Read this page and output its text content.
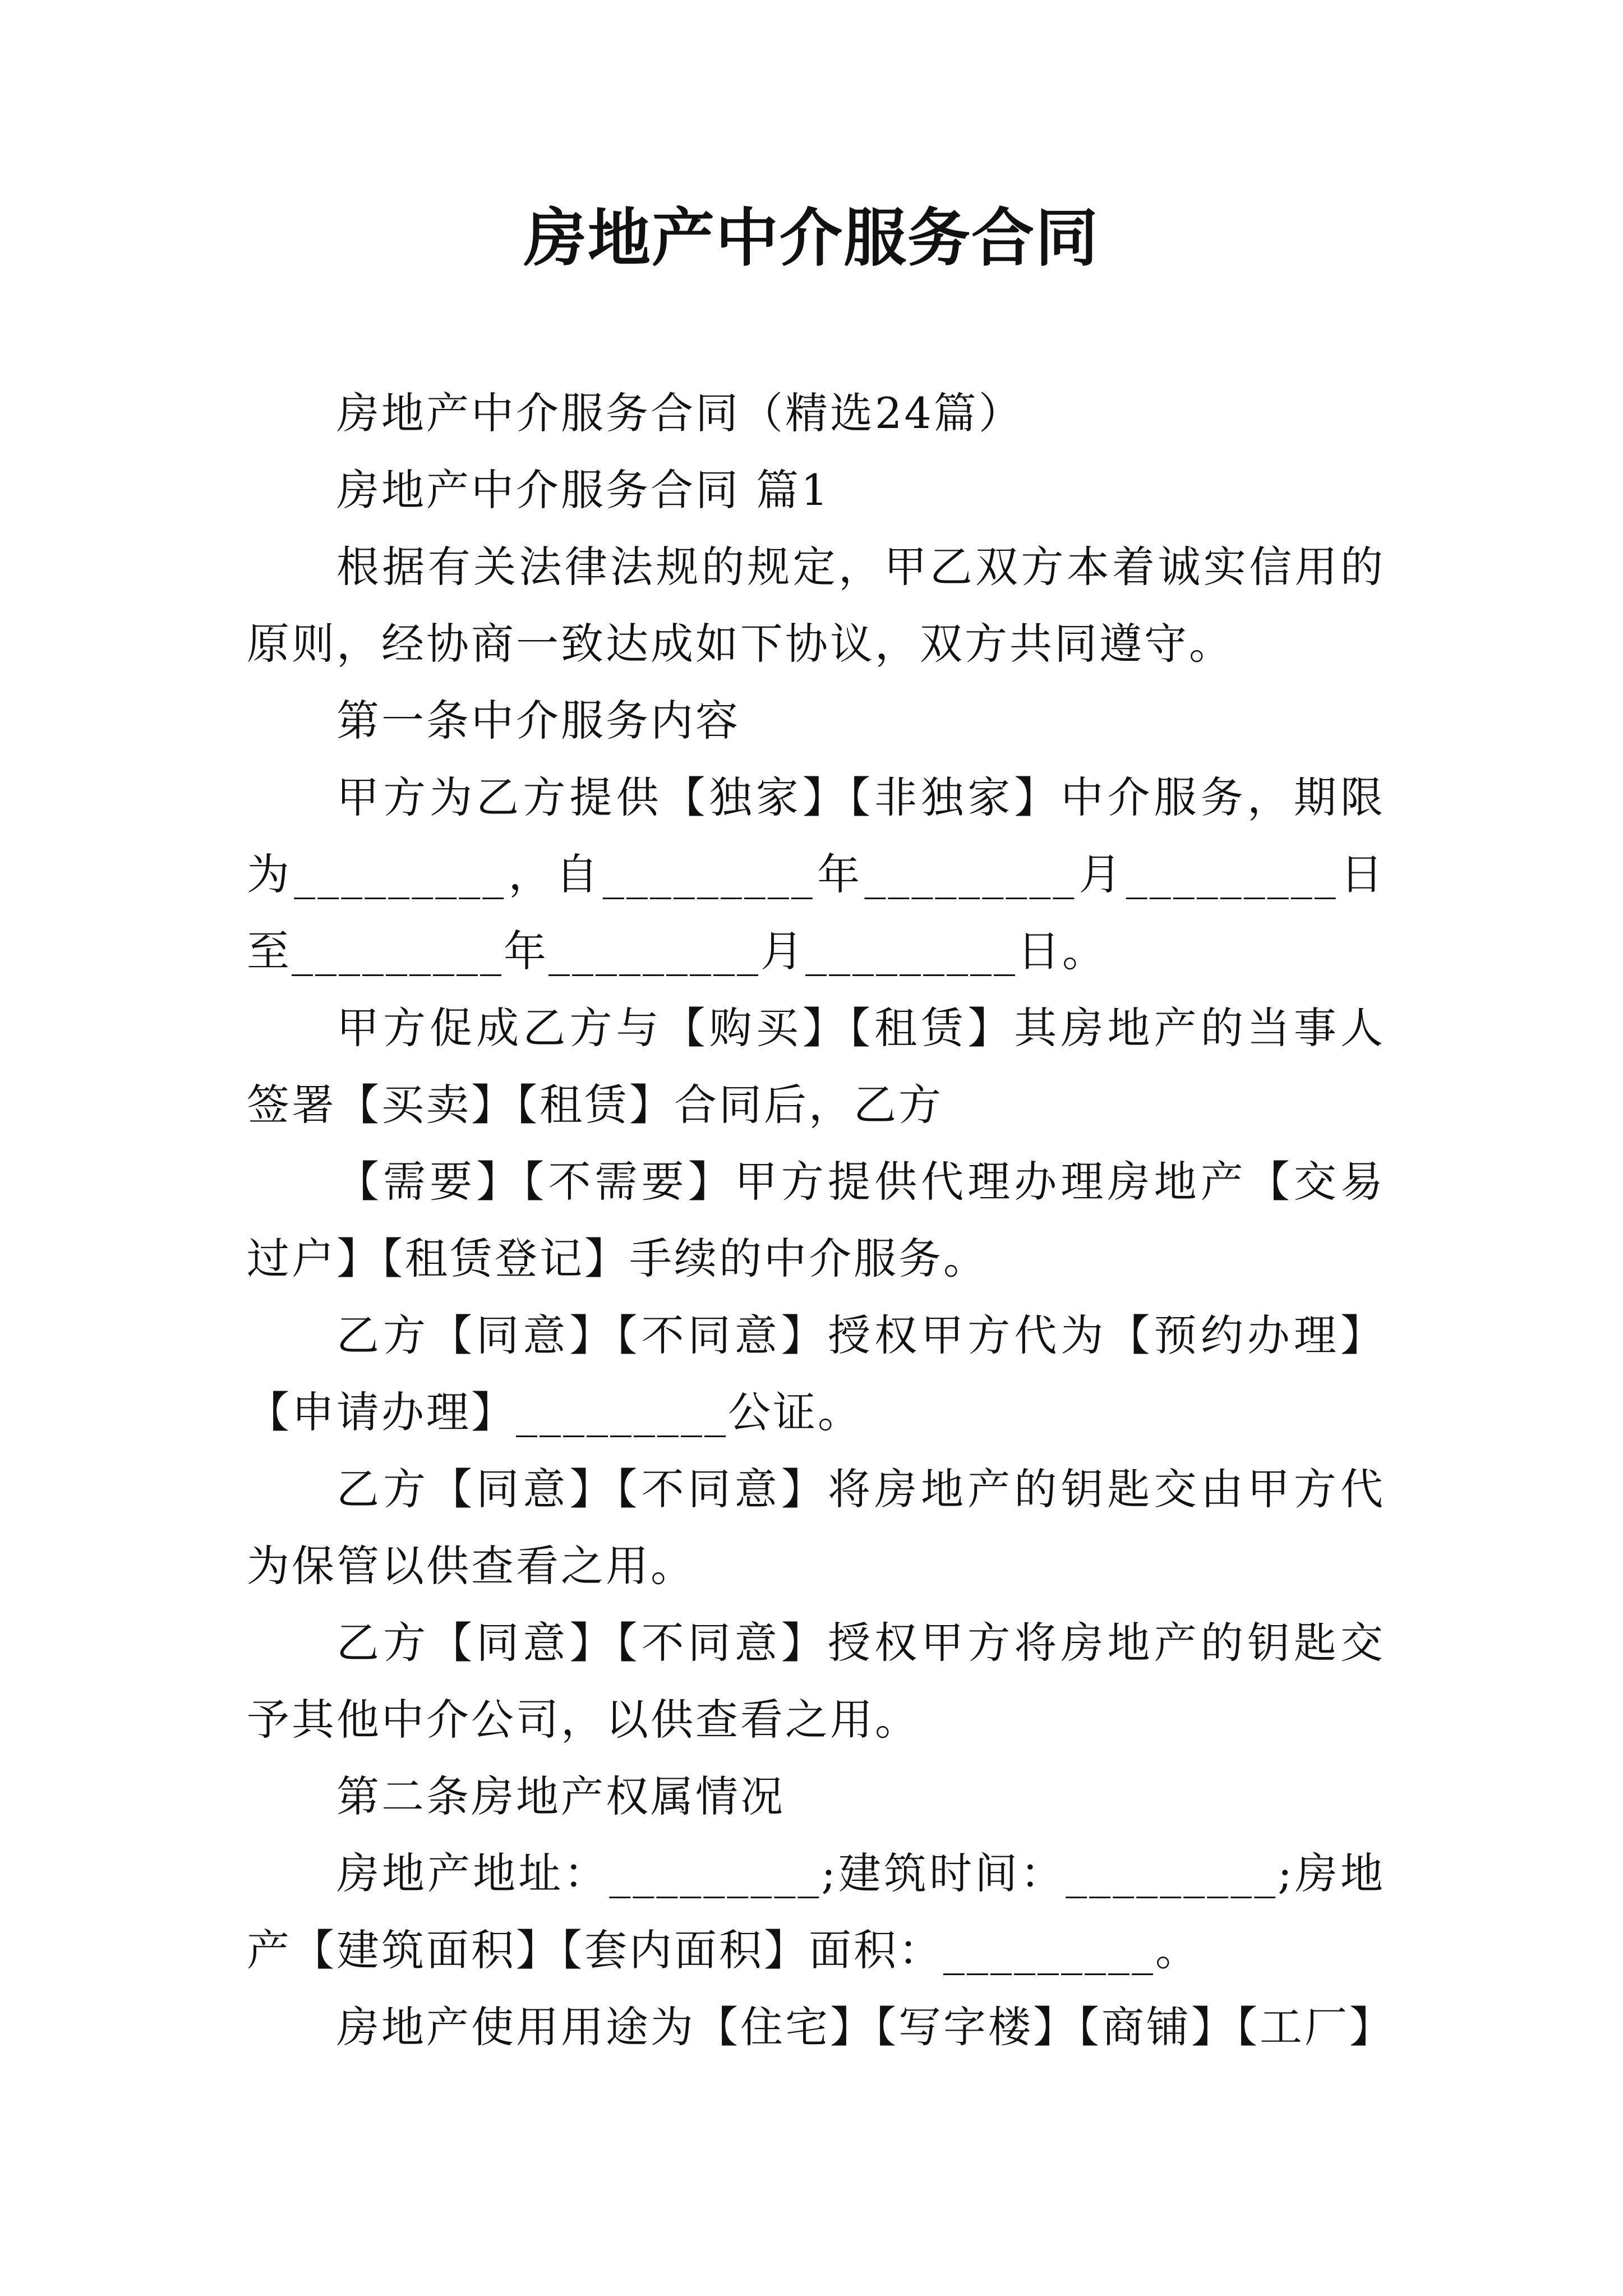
房地产中介服务合同

房地产中介服务合同（精选24篇）

房地产中介服务合同 篇1

根据有关法律法规的规定，甲乙双方本着诚实信用的原则，经协商一致达成如下协议，双方共同遵守。

第一条中介服务内容

甲方为乙方提供【独家】【非独家】中介服务，期限为_________，自_________年_________月_________日至_________年_________月_________日。

甲方促成乙方与【购买】【租赁】其房地产的当事人签署【买卖】【租赁】合同后，乙方

【需要】【不需要】甲方提供代理办理房地产【交易过户】【租赁登记】手续的中介服务。

乙方【同意】【不同意】授权甲方代为【预约办理】【申请办理】_________公证。

乙方【同意】【不同意】将房地产的钥匙交由甲方代为保管以供查看之用。

乙方【同意】【不同意】授权甲方将房地产的钥匙交予其他中介公司，以供查看之用。

第二条房地产权属情况

房地产地址：_________;建筑时间：_________;房地产【建筑面积】【套内面积】面积：_________。

房地产使用用途为【住宅】【写字楼】【商铺】【工厂】
